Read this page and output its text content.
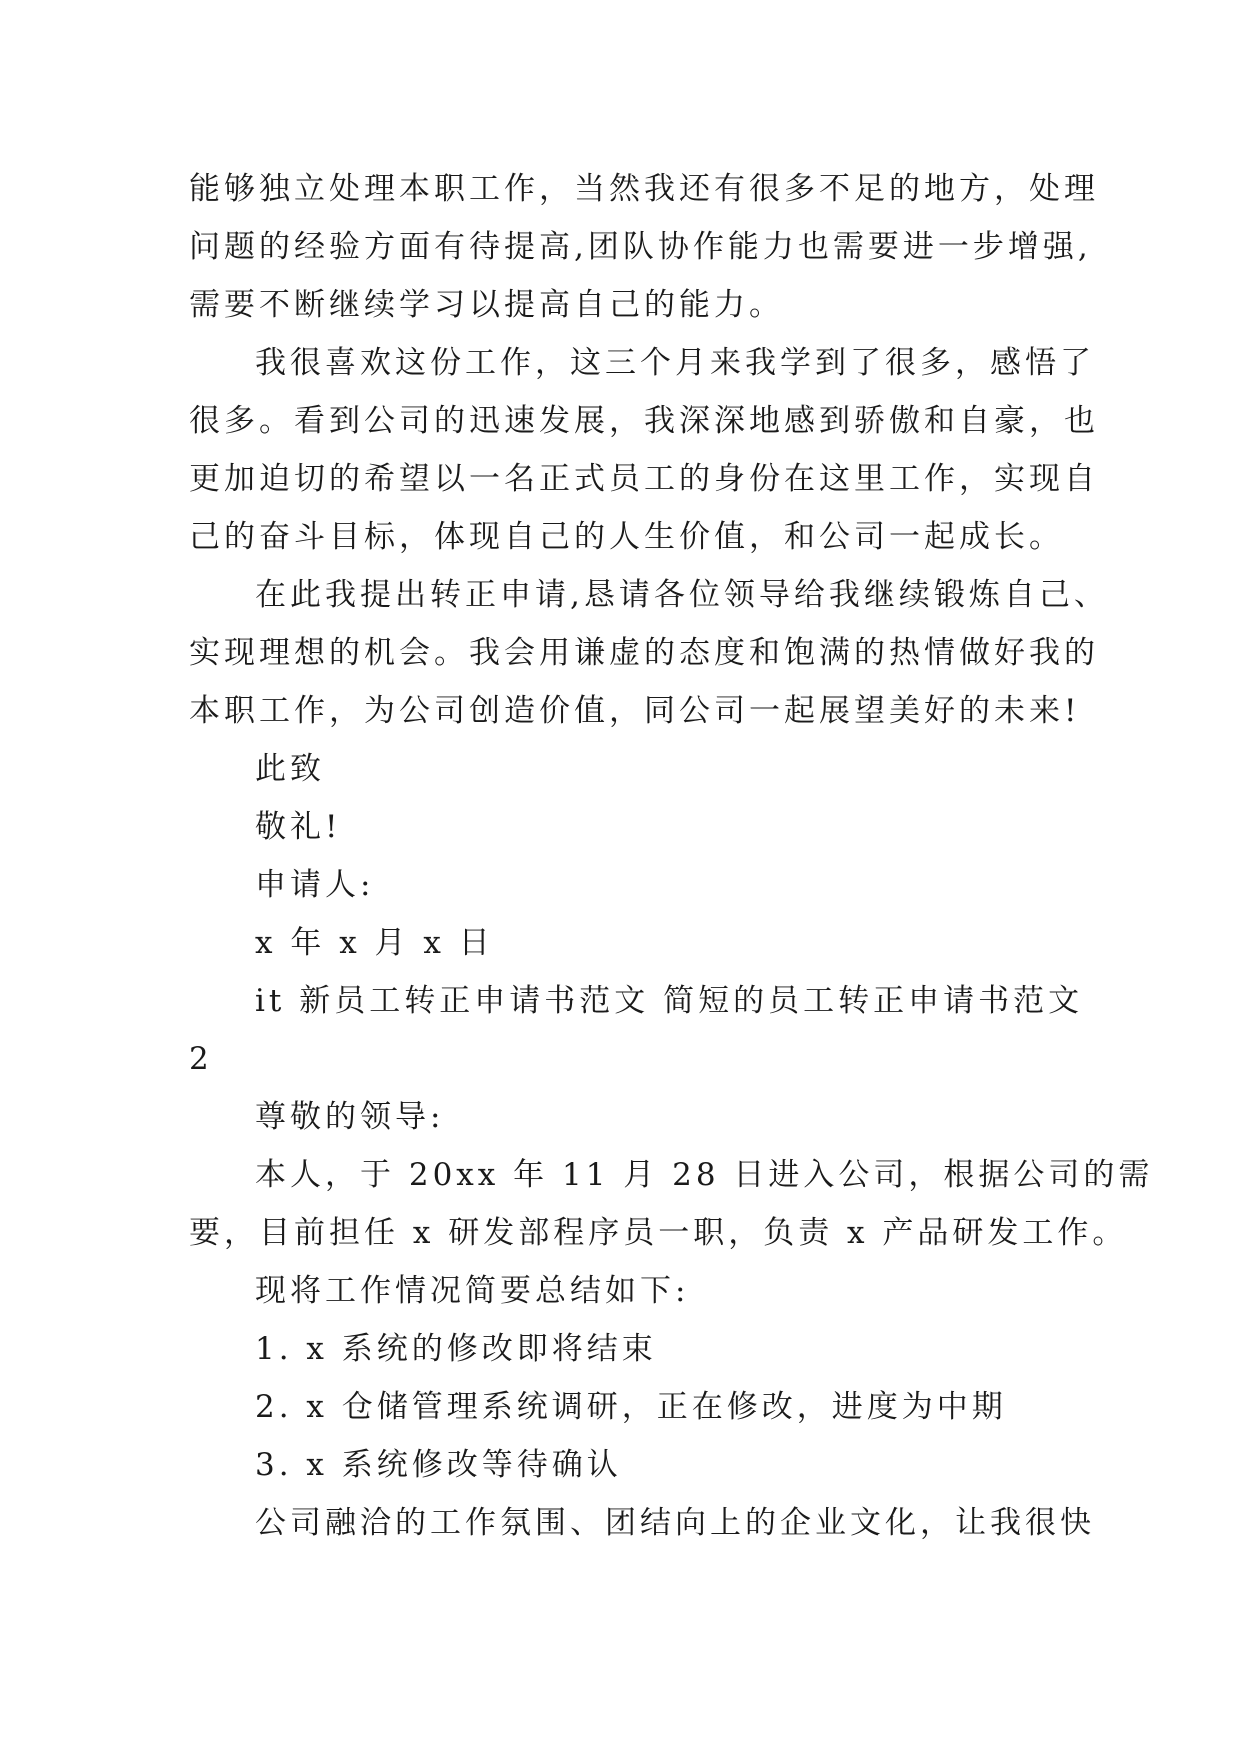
能够独立处理本职工作，当然我还有很多不足的地方，处理
问题的经验方面有待提高,团队协作能力也需要进一步增强,
需要不断继续学习以提高自己的能力。
我很喜欢这份工作，这三个月来我学到了很多，感悟了
很多。看到公司的迅速发展，我深深地感到骄傲和自豪，也
更加迫切的希望以一名正式员工的身份在这里工作，实现自
己的奋斗目标，体现自己的人生价值，和公司一起成长。
在此我提出转正申请,恳请各位领导给我继续锻炼自己、
实现理想的机会。我会用谦虚的态度和饱满的热情做好我的
本职工作，为公司创造价值，同公司一起展望美好的未来!
此致
敬礼!
申请人:
x 年 x 月 x 日
it 新员工转正申请书范文 简短的员工转正申请书范文
2
尊敬的领导:
本人，于 20xx 年 11 月 28 日进入公司，根据公司的需
要，目前担任 x 研发部程序员一职，负责 x 产品研发工作。
现将工作情况简要总结如下:
1. x 系统的修改即将结束
2. x 仓储管理系统调研，正在修改，进度为中期
3. x 系统修改等待确认
公司融洽的工作氛围、团结向上的企业文化，让我很快
